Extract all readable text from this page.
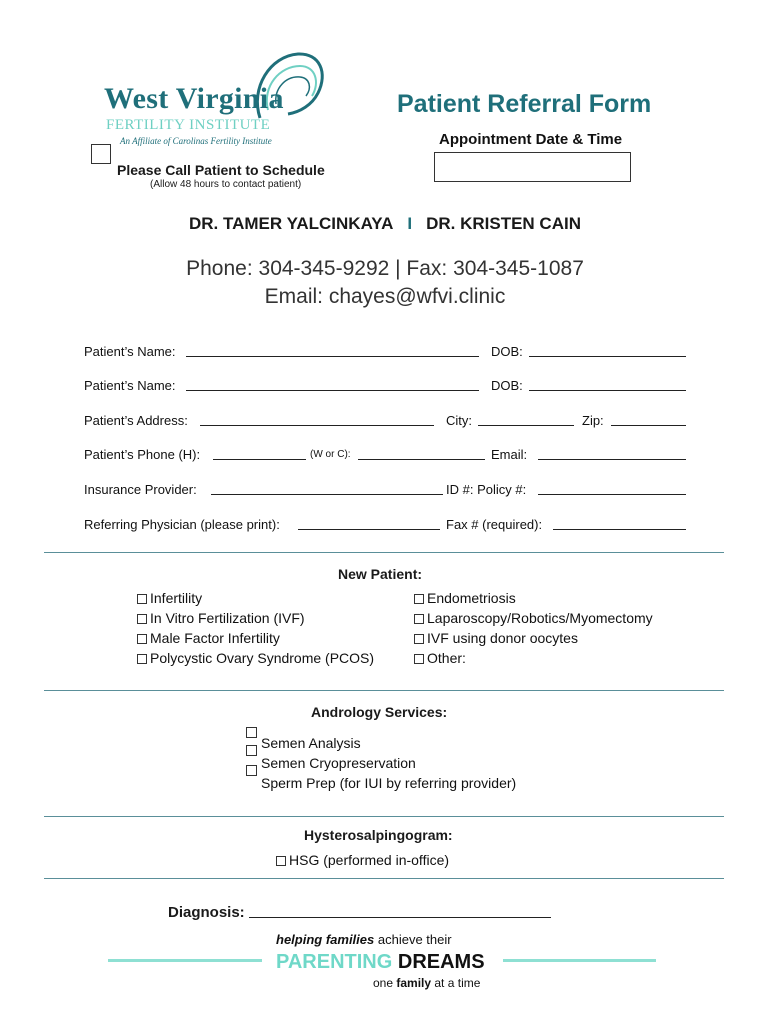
West Virginia
FERTILITY INSTITUTE
An Affiliate of Carolinas Fertility Institute
Patient Referral Form
Appointment Date & Time
Please Call Patient to Schedule
(Allow 48 hours to contact patient)
DR. TAMER YALCINKAYA I DR. KRISTEN CAIN
Phone: 304-345-9292 | Fax: 304-345-1087
Email: chayes@wfvi.clinic
Patient’s Name:	DOB:
Patient’s Name:	DOB:
Patient’s Address:	City:	Zip:
Patient’s Phone (H):	(W or C):	Email:
Insurance Provider:	ID #: Policy #:
Referring Physician (please print):	Fax # (required):
New Patient:
Infertility
In Vitro Fertilization (IVF)
Male Factor Infertility
Polycystic Ovary Syndrome (PCOS)
Endometriosis
Laparoscopy/Robotics/Myomectomy
IVF using donor oocytes
Other:
Andrology Services:
Semen Analysis
Semen Cryopreservation
Sperm Prep (for IUI by referring provider)
Hysterosalpingogram:
HSG (performed in-office)
Diagnosis:
helping families achieve their
PARENTING DREAMS
one family at a time
